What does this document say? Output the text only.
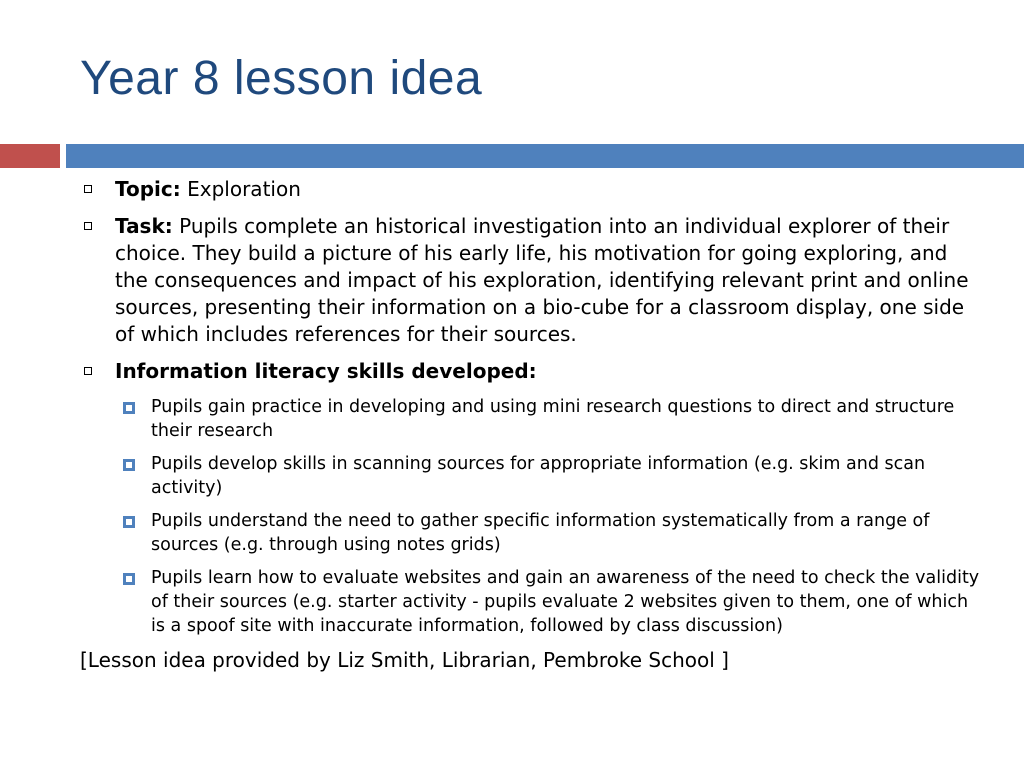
Year 8 lesson idea
Topic: Exploration
Task: Pupils complete an historical investigation into an individual explorer of their choice. They build a picture of his early life, his motivation for going exploring, and the consequences and impact of his exploration, identifying relevant print and online sources, presenting their information on a bio-cube for a classroom display, one side of which includes references for their sources.
Information literacy skills developed:
Pupils gain practice in developing and using mini research questions to direct and structure their research
Pupils develop skills in scanning sources for appropriate information (e.g. skim and scan activity)
Pupils understand the need to gather specific information systematically from a range of sources (e.g. through using notes grids)
Pupils learn how to evaluate websites and gain an awareness of the need to check the validity of their sources (e.g. starter activity - pupils evaluate 2 websites given to them, one of which is a spoof site with inaccurate information, followed by class discussion)
[Lesson idea provided by Liz Smith, Librarian, Pembroke School ]
